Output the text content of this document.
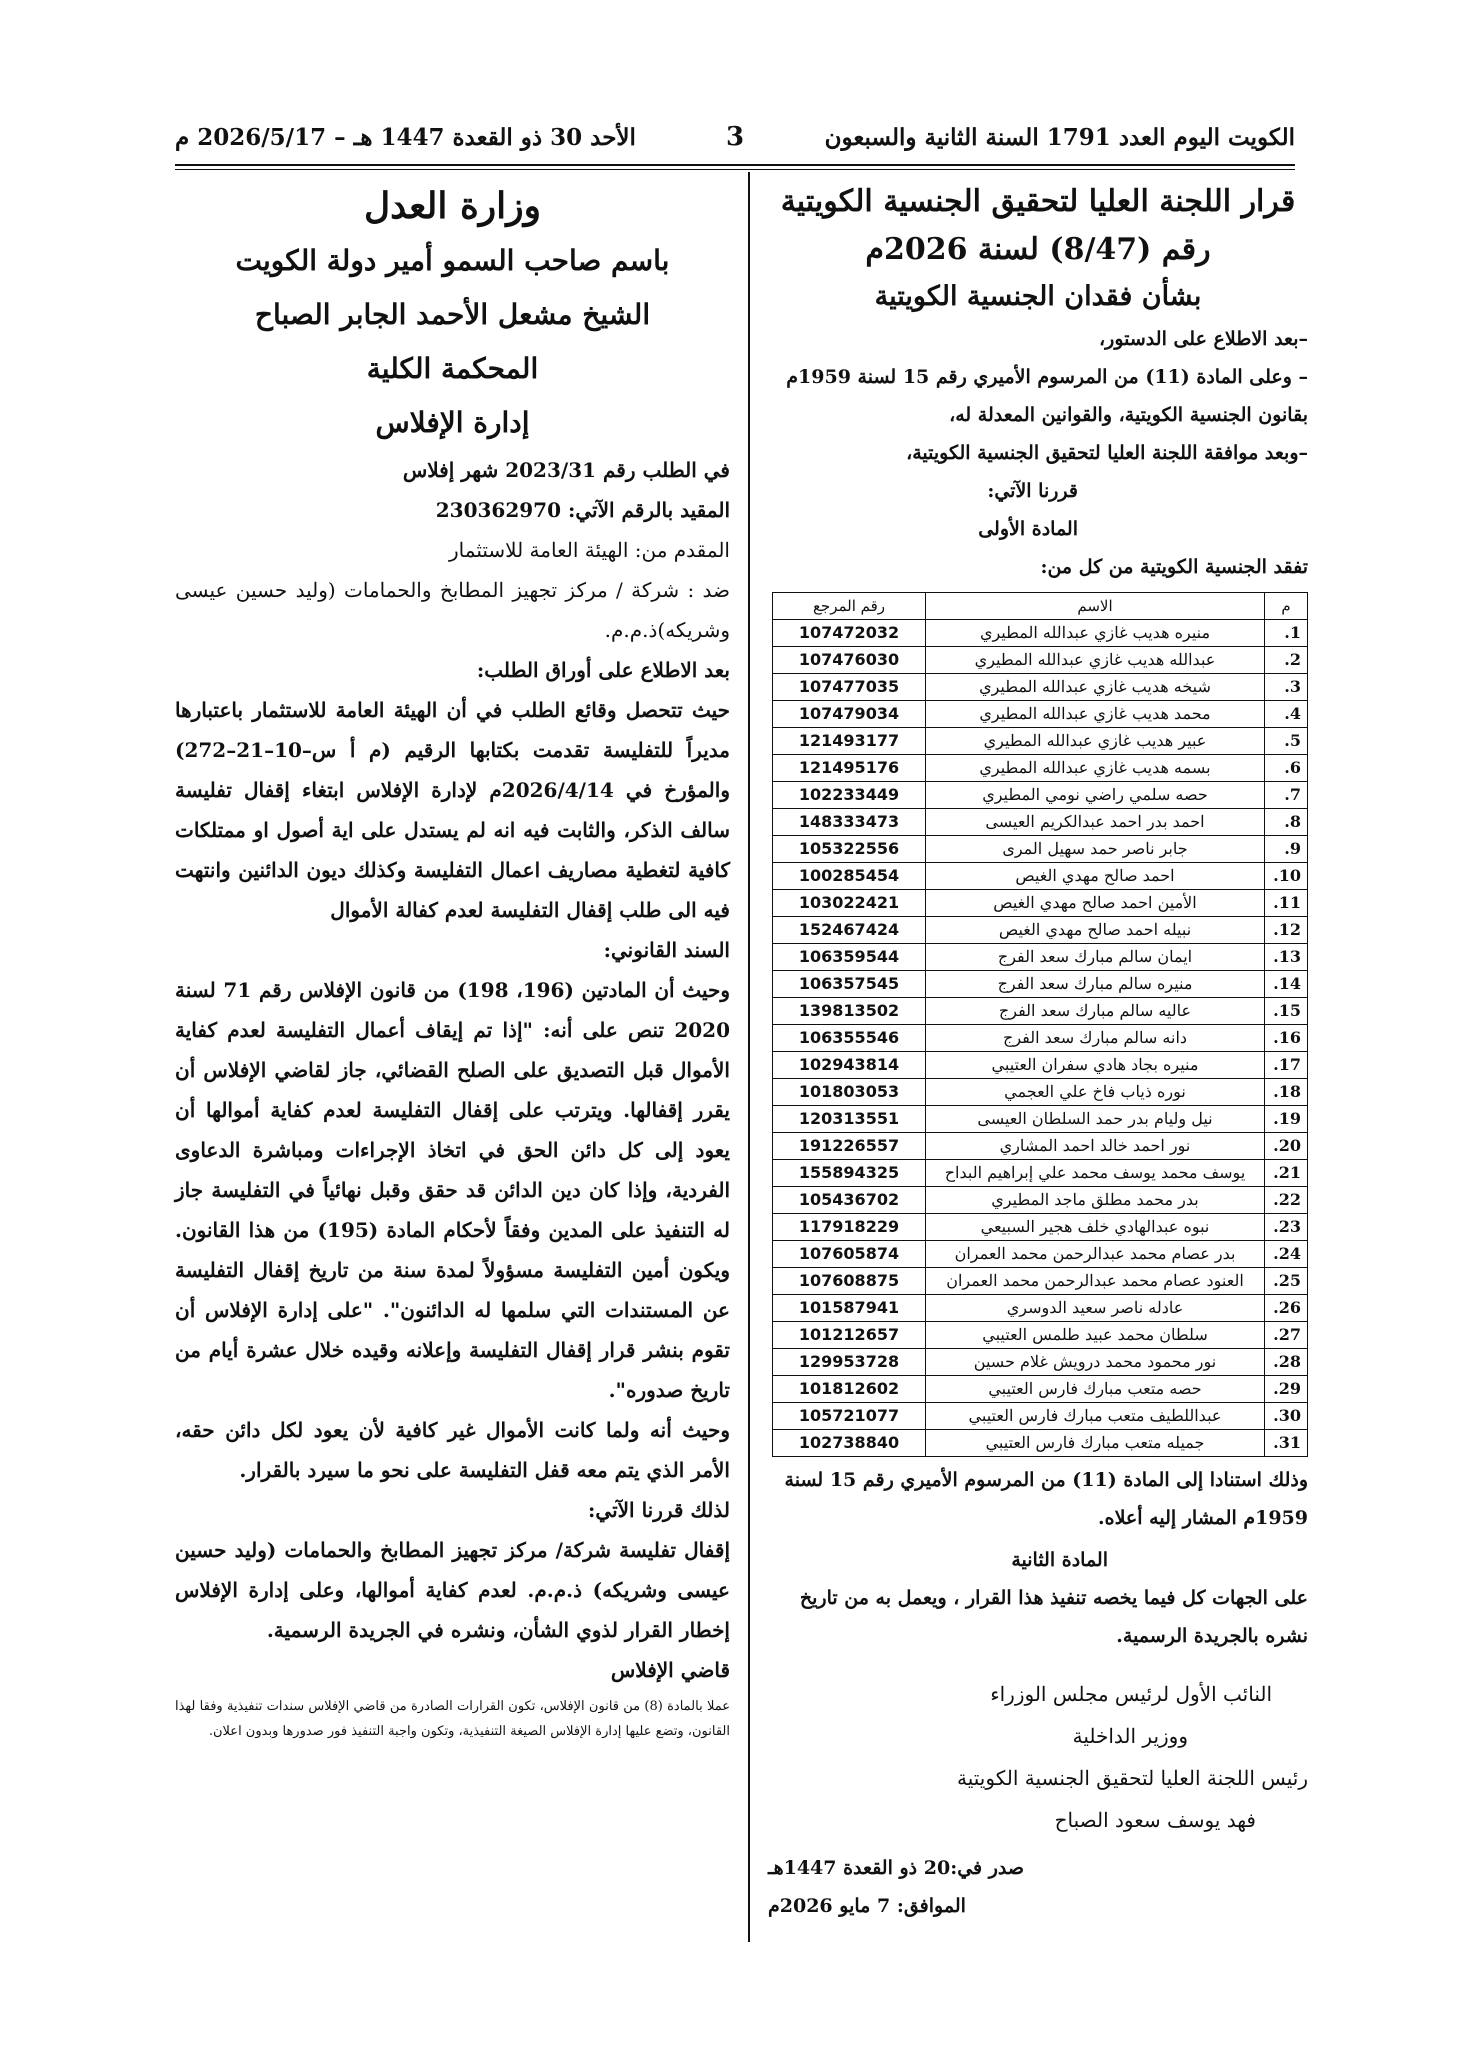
الكويت اليوم العدد 1791 السنة الثانية والسبعون
3
الأحد 30 ذو القعدة 1447 هـ – 2026/5/17 م

قرار اللجنة العليا لتحقيق الجنسية الكويتية

رقم (8/47) لسنة 2026م

بشأن فقدان الجنسية الكويتية

–بعد الاطلاع على الدستور،

– وعلى المادة (11) من المرسوم الأميري رقم 15 لسنة 1959م

بقانون الجنسية الكويتية، والقوانين المعدلة له،

–وبعد موافقة اللجنة العليا لتحقيق الجنسية الكويتية،

قررنا الآتي:

المادة الأولى

تفقد الجنسية الكويتية من كل من:

م	الاسم	رقم المرجع
1.	منيره هديب غازي عبدالله المطيري	107472032
2.	عبدالله هديب غازي عبدالله المطيري	107476030
3.	شيخه هديب غازي عبدالله المطيري	107477035
4.	محمد هديب غازي عبدالله المطيري	107479034
5.	عبير هديب غازي عبدالله المطيري	121493177
6.	بسمه هديب غازي عبدالله المطيري	121495176
7.	حصه سلمي راضي نومي المطيري	102233449
8.	احمد بدر احمد عبدالكريم العيسى	148333473
9.	جابر ناصر حمد سهيل المرى	105322556
10.	احمد صالح مهدي الغيص	100285454
11.	الأمين احمد صالح مهدي الغيص	103022421
12.	نبيله احمد صالح مهدي الغيص	152467424
13.	ايمان سالم مبارك سعد الفرج	106359544
14.	منيره سالم مبارك سعد الفرج	106357545
15.	عاليه سالم مبارك سعد الفرج	139813502
16.	دانه سالم مبارك سعد الفرج	106355546
17.	منيره بجاد هادي سفران العتيبي	102943814
18.	نوره ذياب فاخ علي العجمي	101803053
19.	نيل وليام بدر حمد السلطان العيسى	120313551
20.	نور احمد خالد احمد المشاري	191226557
21.	يوسف محمد يوسف محمد علي إبراهيم البداح	155894325
22.	بدر محمد مطلق ماجد المطيري	105436702
23.	نبوه عبدالهادي خلف هجير السبيعي	117918229
24.	بدر عصام محمد عبدالرحمن محمد العمران	107605874
25.	العنود عصام محمد عبدالرحمن محمد العمران	107608875
26.	عادله ناصر سعيد الدوسري	101587941
27.	سلطان محمد عبيد طلمس العتيبي	101212657
28.	نور محمود محمد درويش غلام حسين	129953728
29.	حصه متعب مبارك فارس العتيبي	101812602
30.	عبداللطيف متعب مبارك فارس العتيبي	105721077
31.	جميله متعب مبارك فارس العتيبي	102738840

وذلك استنادا إلى المادة (11) من المرسوم الأميري رقم 15 لسنة

1959م المشار إليه أعلاه.

المادة الثانية

على الجهات كل فيما يخصه تنفيذ هذا القرار ، ويعمل به من تاريخ

نشره بالجريدة الرسمية.

النائب الأول لرئيس مجلس الوزراء

ووزير الداخلية

رئيس اللجنة العليا لتحقيق الجنسية الكويتية

فهد يوسف سعود الصباح

صدر في:20 ذو القعدة 1447هـ

الموافق: 7 مايو 2026م

وزارة العدل

باسم صاحب السمو أمير دولة الكويت

الشيخ مشعل الأحمد الجابر الصباح

المحكمة الكلية

إدارة الإفلاس

في الطلب رقم 2023/31 شهر إفلاس

المقيد بالرقم الآتي: 230362970

المقدم من: الهيئة العامة للاستثمار

ضد : شركة / مركز تجهيز المطابخ والحمامات (وليد حسين عيسى وشريكه)ذ.م.م.

بعد الاطلاع على أوراق الطلب:

حيث تتحصل وقائع الطلب في أن الهيئة العامة للاستثمار باعتبارها مديراً للتفليسة تقدمت بكتابها الرقيم (م أ س–10–21–272) والمؤرخ في 2026/4/14م لإدارة الإفلاس ابتغاء إقفال تفليسة سالف الذكر، والثابت فيه انه لم يستدل على اية أصول او ممتلكات كافية لتغطية مصاريف اعمال التفليسة وكذلك ديون الدائنين وانتهت فيه الى طلب إقفال التفليسة لعدم كفالة الأموال

السند القانوني:

وحيث أن المادتين (196، 198) من قانون الإفلاس رقم 71 لسنة 2020 تنص على أنه: "إذا تم إيقاف أعمال التفليسة لعدم كفاية الأموال قبل التصديق على الصلح القضائي، جاز لقاضي الإفلاس أن يقرر إقفالها. ويترتب على إقفال التفليسة لعدم كفاية أموالها أن يعود إلى كل دائن الحق في اتخاذ الإجراءات ومباشرة الدعاوى الفردية، وإذا كان دين الدائن قد حقق وقبل نهائياً في التفليسة جاز له التنفيذ على المدين وفقاً لأحكام المادة (195) من هذا القانون. ويكون أمين التفليسة مسؤولاً لمدة سنة من تاريخ إقفال التفليسة عن المستندات التي سلمها له الدائنون". "على إدارة الإفلاس أن تقوم بنشر قرار إقفال التفليسة وإعلانه وقيده خلال عشرة أيام من تاريخ صدوره".

وحيث أنه ولما كانت الأموال غير كافية لأن يعود لكل دائن حقه، الأمر الذي يتم معه قفل التفليسة على نحو ما سيرد بالقرار.

لذلك قررنا الآتي:

إقفال تفليسة شركة/ مركز تجهيز المطابخ والحمامات (وليد حسين عيسى وشريكه) ذ.م.م. لعدم كفاية أموالها، وعلى إدارة الإفلاس إخطار القرار لذوي الشأن، ونشره في الجريدة الرسمية.

قاضي الإفلاس

عملا بالمادة (8) من قانون الإفلاس، تكون القرارات الصادرة من قاضي الإفلاس سندات تنفيذية وفقا لهذا القانون، وتضع عليها إدارة الإفلاس الصيغة التنفيذية، وتكون واجبة التنفيذ فور صدورها وبدون اعلان.
